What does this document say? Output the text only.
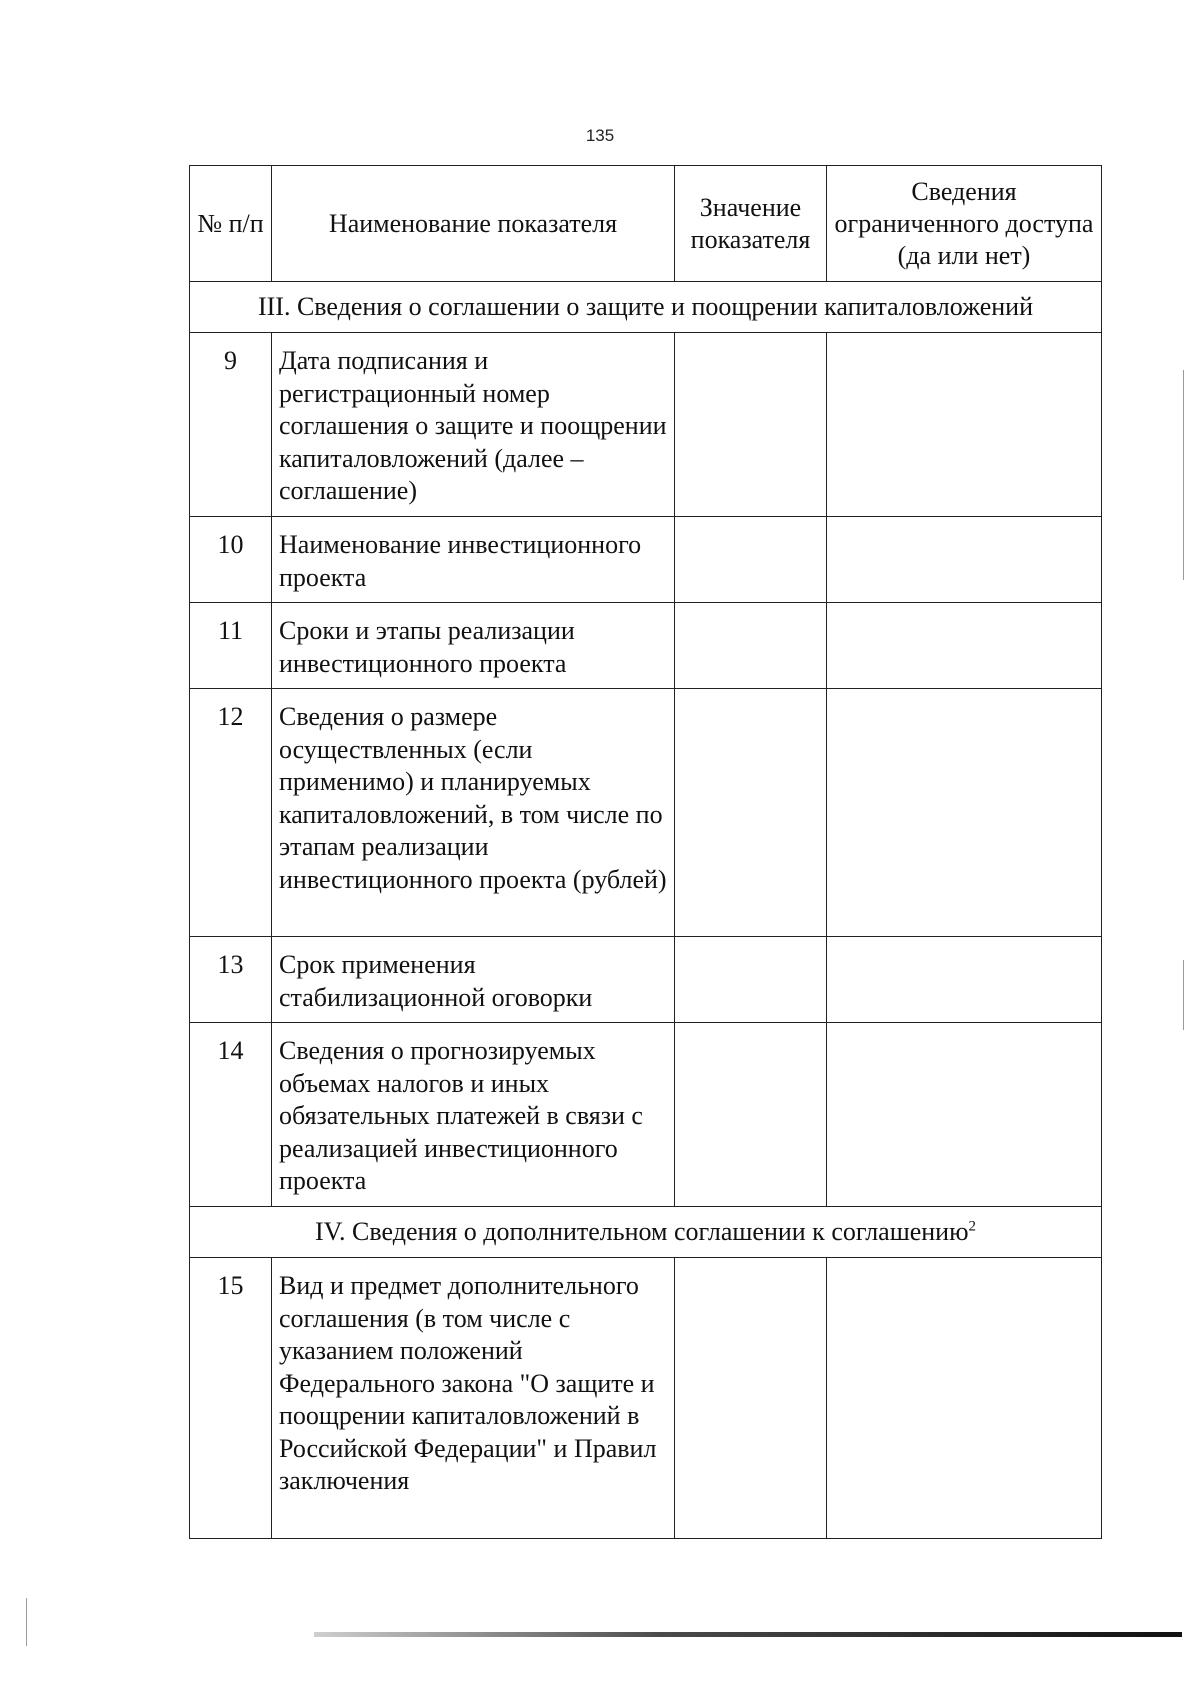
135
№ п/п	Наименование показателя	Значение показателя	Сведения ограниченного доступа (да или нет)

III. Сведения о соглашении о защите и поощрении капиталовложений			
9	Дата подписания и регистрационный номер соглашения о защите и поощрении капиталовложений (далее – соглашение)		
10	Наименование инвестиционного проекта		
11	Сроки и этапы реализации инвестиционного проекта		
12	Сведения о размере осуществленных (если применимо) и планируемых капиталовложений, в том числе по этапам реализации инвестиционного проекта (рублей)		
13	Срок применения стабилизационной оговорки		
14	Сведения о прогнозируемых объемах налогов и иных обязательных платежей в связи с реализацией инвестиционного проекта		
IV. Сведения о дополнительном соглашении к соглашению$^2$
15	Вид и предмет дополнительного соглашения (в том числе с указанием положений Федерального закона "О защите и поощрении капиталовложений в Российской Федерации" и Правил заключения		
